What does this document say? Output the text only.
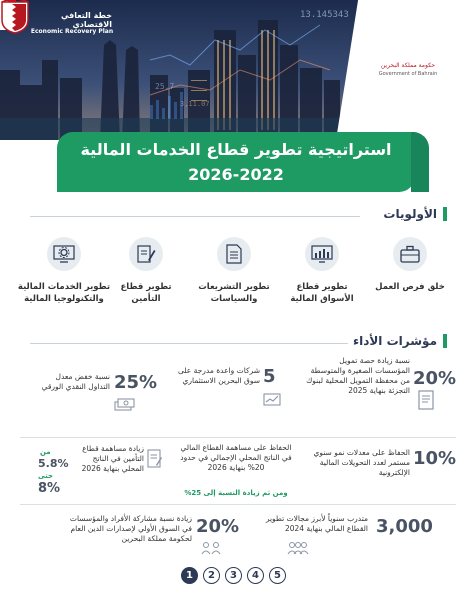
13.145343
25,7
3,11.07
خطة التعافي الاقتصادي
Economic Recovery Plan
حكومة مملكة البحرين
Government of Bahrain
استراتيجية تطوير قطاع الخدمات المالية
2026-2022
الأولويات
خلق فرص العمل
تطوير قطاع الأسواق المالية
تطوير التشريعات والسياسات
تطوير قطاع التأمين
تطوير الخدمات المالية والتكنولوجيا المالية
مؤشرات الأداء
20%
نسبة زيادة حصة تمويل المؤسسات الصغيرة والمتوسطة من محفظة التمويل المحلية لبنوك التجزئة بنهاية 2025
5
شركات واعدة مدرجة على سوق البحرين الاستثماري
25%
نسبة خفض معدل التداول النقدي الورقي
10%
الحفاظ على معدلات نمو سنوي مستمر لعدد التحويلات المالية الإلكترونية
الحفاظ على مساهمة القطاع المالي في الناتج المحلي الإجمالي في حدود 20% بنهاية 2026
ومن ثم زيادة النسبة إلى 25%
زيادة مساهمة قطاع التأمين في الناتج المحلي بنهاية 2026
من
5.8%
حتى
8%
3,000
متدرب سنوياً لأبرز مجالات تطوير القطاع المالي بنهاية 2024
20%
زيادة نسبة مشاركة الأفراد والمؤسسات في السوق الأولي لإصدارات الدين العام لحكومة مملكة البحرين
1	2	3	4	5
